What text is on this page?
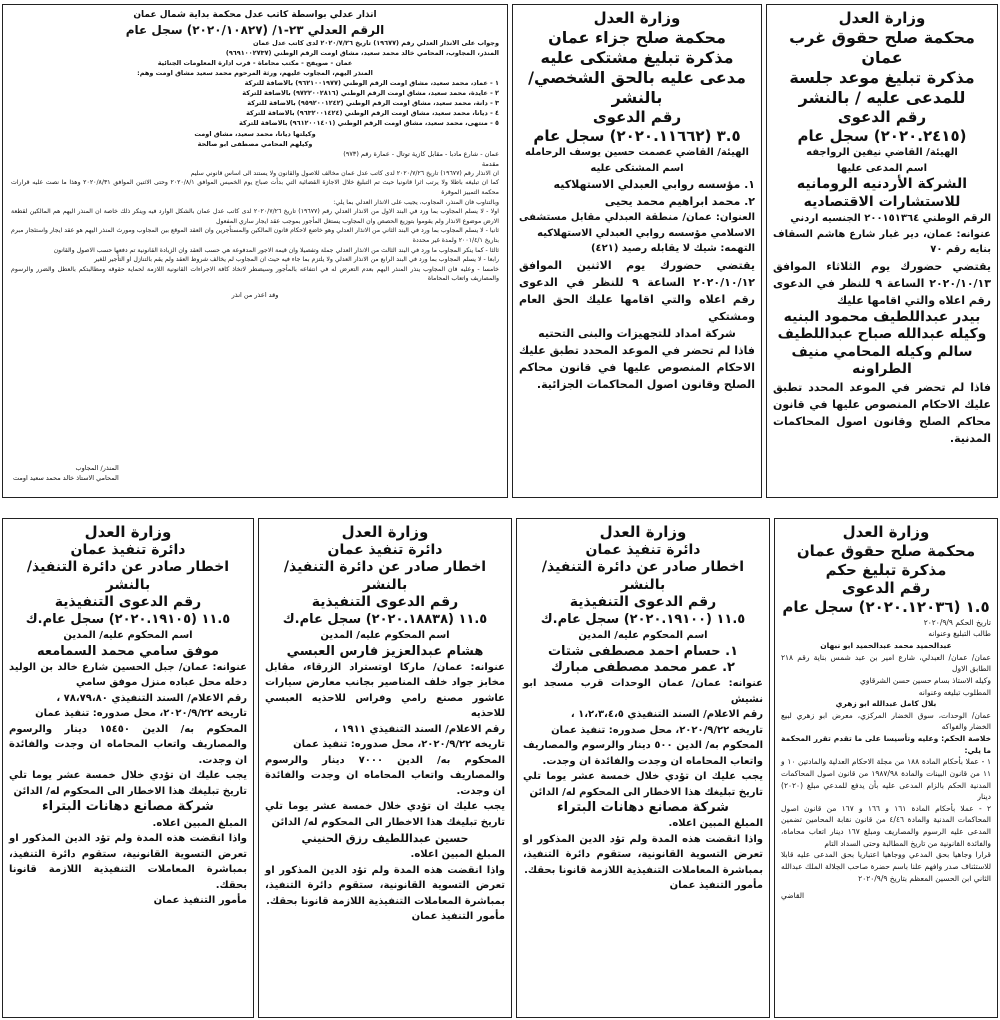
وزارة العدل

محكمة صلح حقوق غرب عمان

مذكرة تبليغ موعد جلسة للمدعى عليه / بالنشر

رقم الدعوى

(٢٠٢٠.٢٤١٥) سجل عام

الهيئة/ القاضي نيفين الرواجفه

اسم المدعى عليها

الشركة الأردنيه الرومانيه للاستشارات الاقتصاديه

الرقم الوطني ٢٠٠١٥١٣٦٤ الجنسيه اردني

عنوانه: عمان، دير غبار شارع هاشم السقاف بنايه رقم ٧٠

يقتضي حضورك يوم الثلاثاء الموافق ٢٠٢٠/١٠/١٣ الساعة ٩ للنظر في الدعوى رقم اعلاه والتي اقامها عليك

بيدر عبداللطيف محمود البنيه وكيله عبدالله صباح عبداللطيف سالم وكيله المحامي منيف الطراونه

فاذا لم تحضر في الموعد المحدد تطبق عليك الاحكام المنصوص عليها في قانون محاكم الصلح وقانون اصول المحاكمات المدنية.

وزارة العدل

محكمة صلح جزاء عمان

مذكرة تبليغ مشتكى عليه مدعى عليه بالحق الشخصي/ بالنشر

رقم الدعوى

٣.٥ (٢٠٢٠.١١٦٦٢) سجل عام

الهيئة/ القاضي عصمت حسين يوسف الرحامله

اسم المشتكى عليه

١. مؤسسه روابي العبدلي الاستهلاكيه

٢. محمد ابراهيم محمد يحيى

العنوان: عمان/ منطقة العبدلي مقابل مستشفى الاسلامي مؤسسه روابي العبدلي الاستهلاكيه

التهمه: شيك لا يقابله رصيد (٤٢١)

يقتضي حضورك يوم الاثنين الموافق ٢٠٢٠/١٠/١٢ الساعة ٩ للنظر في الدعوى رقم اعلاه والتي اقامها عليك الحق العام ومشتكي

شركة امداد للتجهيزات والبنى التحتيه

فاذا لم تحضر في الموعد المحدد تطبق عليك الاحكام المنصوص عليها في قانون محاكم الصلح وقانون اصول المحاكمات الجزائية.

انذار عدلي بواسطة كاتب عدل محكمة بداية شمال عمان

الرقم العدلي ٢٣-١/ (٢٠٢٠/١٠٨٢٧) سجل عام

وجواب على الانذار العدلي رقم (١٩٦٧٧) تاريخ ٢٠٢٠/٧/٢٦ لدى كاتب عدل عمان

المنذر، المجاوب، المحامي خالد محمد سعيد، مشاق اومت الرقم الوطني (٩٦٩١٠٠٢٧٣٧)

عمان - صويفح - مكتب محاماة - قرب ادارة المعلومات الجنائية

المنذر اليهم، المجاوب عليهم، ورثة المرحوم محمد سعيد مشاق اومت وهم:

١ - عماد، محمد سعيد، مشاق اومت الرقم الوطني (٩٦٢١٠٠١٩٧٧) بالاضافة للتركة

٢ - عايدة، محمد سعيد، مشاق اومت الرقم الوطني (٩٧٢٢٠٠٢٨١٦) بالاضافة للتركة

٣ - دانة، محمد سعيد، مشاق اومت الرقم الوطني (٩٥٩٢٠٠١٢٤٢) بالاضافة للتركة

٤ - ديانا، محمد سعيد، مشاق اومت الرقم الوطني (٩٦٣٢٠٠١٤٢٤) بالاضافة للتركة

٥ - منتهى، محمد سعيد، مشاق اومت الرقم الوطني (٩٦١٢٠٠١٤٠١) بالاضافة للتركة

وكيلتها ديانا، محمد سعيد، مشاق اومت

وكيلهم المحامي مصطفى ابو صالحة

عمان - شارع مادبا - مقابل كازية توتال - عمارة رقم (٩٧٣)

مقدمة

ان الانذار رقم (١٩٦٧٧) تاريخ ٢٠٢٠/٧/٢٦ لدى كاتب عدل عمان مخالف للاصول والقانون ولا يستند الى اساس قانوني سليم

كما ان تبليغه باطلا ولا يرتب اثرا قانونيا حيث تم التبليغ خلال الاجازة القضائية التي بدأت صباح يوم الخميس الموافق ٢٠٢٠/٨/١ وحتى الاثنين الموافق ٢٠٢٠/٨/٣١ وهذا ما نصت عليه قرارات محكمة التمييز الموقرة

وبالتناوب فان المنذر، المجاوب، يجيب على الانذار العدلي بما يلي:

اولا - لا يسلم المجاوب بما ورد في البند الاول من الانذار العدلي رقم (١٩٦٧٧) تاريخ ٢٠٢٠/٧/٢٦ لدى كاتب عدل عمان بالشكل الوارد فيه وينكر ذلك خاصة ان المنذر اليهم هم المالكين لقطعة الارض موضوع الانذار ولم يقوموا بتوزيع الحصص وان المجاوب يستغل المأجور بموجب عقد ايجار ساري المفعول

ثانيا - لا يسلم المجاوب بما ورد في البند الثاني من الانذار العدلي وهو خاضع لاحكام قانون المالكين والمستأجرين وان العقد الموقع بين المجاوب ومورث المنذر اليهم هو عقد ايجار واستئجار مبرم بتاريخ ٢٠٠١/٤/١ ولمدة غير محددة

ثالثا - كما ينكر المجاوب ما ورد في البند الثالث من الانذار العدلي جملة وتفصيلا وان قيمة الاجور المدفوعة هي حسب العقد وان الزيادة القانونية تم دفعها حسب الاصول والقانون

رابعا - لا يسلم المجاوب بما ورد في البند الرابع من الانذار العدلي ولا يلتزم بما جاء فيه حيث ان المجاوب لم يخالف شروط العقد ولم يقم بالتنازل او التأجير للغير

خامسا - وعليه فان المجاوب ينذر المنذر اليهم بعدم التعرض له في انتفاعه بالمأجور وسيضطر لاتخاذ كافة الاجراءات القانونية اللازمة لحماية حقوقه ومطالبتكم بالعطل والضرر والرسوم والمصاريف واتعاب المحاماة

وقد اعذر من انذر

المنذر/ المجاوب

المحامي الاستاذ خالد محمد سعيد اومت

وزارة العدل

محكمة صلح حقوق عمان

مذكرة تبليغ حكم

رقم الدعوى

١.٥ (٢٠٢٠.١٢٠٣٦) سجل عام

تاريخ الحكم ٢٠٢٠/٩/٩

طالب التبليغ وعنوانه

عبدالحميد محمد عبدالحميد ابو نبهان

عمان/ عمان/ العبدلي، شارع امير بن عبد شمس بناية رقم ٢١٨ الطابق الاول

وكيله الاستاذ بسام حسين حسن الشرقاوي

المطلوب تبليغه وعنوانه

بلال كامل عبدالله ابو زهري

عمان/ الوحدات، سوق الخضار المركزي، معرض ابو زهري لبيع الخضار والفواكه

خلاصة الحكم: وعليه وتأسيسا على ما تقدم تقرر المحكمة ما يلي:

١ - عملا بأحكام المادة ١٨٨ من مجلة الاحكام العدلية والمادتين ١٠ و ١١ من قانون البينات والمادة ١٩٨٧/٩٨ من قانون اصول المحاكمات المدنية الحكم بالزام المدعى عليه بأن يدفع للمدعي مبلغ (٢٠٢٠) دينار

٢ - عملا بأحكام المادة ١٦١ و ١٦٦ و ١٦٧ من قانون اصول المحاكمات المدنية والمادة ٤/٤٦ من قانون نقابة المحامين تضمين المدعى عليه الرسوم والمصاريف ومبلغ ١٦٧ دينار اتعاب محاماة، والفائدة القانونية من تاريخ المطالبة وحتى السداد التام

قرارا وجاهيا بحق المدعي ووجاهيا اعتباريا بحق المدعى عليه قابلا للاستئناف صدر وافهم علنا باسم حضرة صاحب الجلالة الملك عبدالله الثاني ابن الحسين المعظم بتاريخ ٢٠٢٠/٩/٩

القاضي

وزارة العدل

دائرة تنفيذ عمان

اخطار صادر عن دائرة التنفيذ/بالنشر

رقم الدعوى التنفيذية

١١.٥ (٢٠٢٠.١٩١٠٠) سجل عام.ك

اسم المحكوم عليه/ المدين

١. حسام احمد مصطفى شتات

٢. عمر محمد مصطفى مبارك

عنوانه: عمان/ عمان الوحدات قرب مسجد ابو نشيش

رقم الاعلام/ السند التنفيذي ١،٢،٣،٤،٥ ،

تاريخه ٢٠٢٠/٩/٢٢، محل صدوره: تنفيذ عمان

المحكوم به/ الدين ٥٠٠ دينار والرسوم والمصاريف واتعاب المحاماه ان وجدت والفائدة ان وجدت.

يجب عليك ان تؤدي خلال خمسة عشر يوما تلي تاريخ تبليغك هذا الاخطار الى المحكوم له/ الدائن

شركة مصانع دهانات البتراء

المبلغ المبين اعلاه.

واذا انقضت هذه المدة ولم تؤد الدين المذكور او تعرض التسوية القانونية، ستقوم دائرة التنفيذ، بمباشرة المعاملات التنفيذية اللازمة قانونا بحقك.

مأمور التنفيذ عمان

وزارة العدل

دائرة تنفيذ عمان

اخطار صادر عن دائرة التنفيذ/بالنشر

رقم الدعوى التنفيذية

١١.٥ (٢٠٢٠.١٨٨٣٨) سجل عام.ك

اسم المحكوم عليه/ المدين

هشام عبدالعزيز فارس العبسي

عنوانه: عمان/ ماركا اوتستراد الزرقاء، مقابل مخابز جواد خلف المناصير بجانب معارض سيارات عاشور مصنع رامي وفراس للاحذيه العبسي للاحذيه

رقم الاعلام/ السند التنفيذي ١٩١١ ،

تاريخه ٢٠٢٠/٩/٢٢، محل صدوره: تنفيذ عمان

المحكوم به/ الدين ٧٠٠٠ دينار والرسوم والمصاريف واتعاب المحاماه ان وجدت والفائدة ان وجدت.

يجب عليك ان تؤدي خلال خمسة عشر يوما تلي تاريخ تبليغك هذا الاخطار الى المحكوم له/ الدائن

حسين عبداللطيف رزق الحنيني

المبلغ المبين اعلاه.

واذا انقضت هذه المدة ولم تؤد الدين المذكور او تعرض التسوية القانونية، ستقوم دائرة التنفيذ، بمباشرة المعاملات التنفيذية اللازمة قانونا بحقك.

مأمور التنفيذ عمان

وزارة العدل

دائرة تنفيذ عمان

اخطار صادر عن دائرة التنفيذ/بالنشر

رقم الدعوى التنفيذية

١١.٥ (٢٠٢٠.١٩١٠٥) سجل عام.ك

اسم المحكوم عليه/ المدين

موفق سامي محمد السمامعه

عنوانه: عمان/ جبل الحسين شارع خالد بن الوليد دخله محل عباده منزل موفق سامي

رقم الاعلام/ السند التنفيذي ٧٨،٧٩،٨٠ ،

تاريخه ٢٠٢٠/٩/٢٢، محل صدوره: تنفيذ عمان

المحكوم به/ الدين ١٥٤٥٠ دينار والرسوم والمصاريف واتعاب المحاماه ان وجدت والفائدة ان وجدت.

يجب عليك ان تؤدي خلال خمسة عشر يوما تلي تاريخ تبليغك هذا الاخطار الى المحكوم له/ الدائن

شركة مصانع دهانات البتراء

المبلغ المبين اعلاه.

واذا انقضت هذه المدة ولم تؤد الدين المذكور او تعرض التسوية القانونية، ستقوم دائرة التنفيذ، بمباشرة المعاملات التنفيذية اللازمة قانونا بحقك.

مأمور التنفيذ عمان
